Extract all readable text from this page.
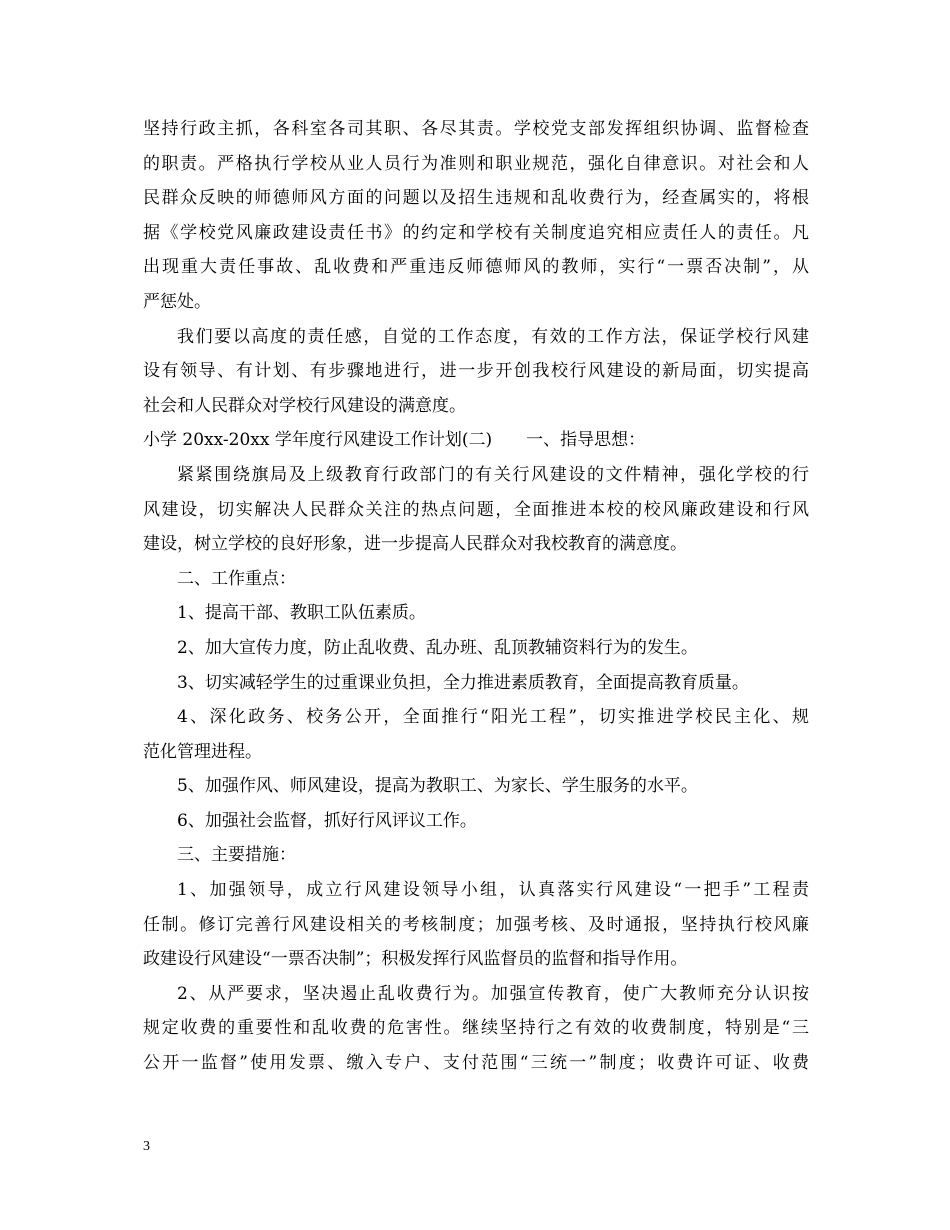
坚持行政主抓，各科室各司其职、各尽其责。学校党支部发挥组织协调、监督检查
的职责。严格执行学校从业人员行为准则和职业规范，强化自律意识。对社会和人
民群众反映的师德师风方面的问题以及招生违规和乱收费行为，经查属实的，将根
据《学校党风廉政建设责任书》的约定和学校有关制度追究相应责任人的责任。凡
出现重大责任事故、乱收费和严重违反师德师风的教师，实行“一票否决制”，从
严惩处。
我们要以高度的责任感，自觉的工作态度，有效的工作方法，保证学校行风建
设有领导、有计划、有步骤地进行，进一步开创我校行风建设的新局面，切实提高
社会和人民群众对学校行风建设的满意度。
小学 20xx-20xx 学年度行风建设工作计划(二) 一、指导思想：
紧紧围绕旗局及上级教育行政部门的有关行风建设的文件精神，强化学校的行
风建设，切实解决人民群众关注的热点问题，全面推进本校的校风廉政建设和行风
建设，树立学校的良好形象，进一步提高人民群众对我校教育的满意度。
二、工作重点：
1、提高干部、教职工队伍素质。
2、加大宣传力度，防止乱收费、乱办班、乱顶教辅资料行为的发生。
3、切实减轻学生的过重课业负担，全力推进素质教育，全面提高教育质量。
4、深化政务、校务公开，全面推行“阳光工程”，切实推进学校民主化、规
范化管理进程。
5、加强作风、师风建设，提高为教职工、为家长、学生服务的水平。
6、加强社会监督，抓好行风评议工作。
三、主要措施：
1、加强领导，成立行风建设领导小组，认真落实行风建设“一把手”工程责
任制。修订完善行风建设相关的考核制度；加强考核、及时通报，坚持执行校风廉
政建设行风建设“一票否决制”；积极发挥行风监督员的监督和指导作用。
2、从严要求，坚决遏止乱收费行为。加强宣传教育，使广大教师充分认识按
规定收费的重要性和乱收费的危害性。继续坚持行之有效的收费制度，特别是“三
公开一监督”使用发票、缴入专户、支付范围“三统一”制度；收费许可证、收费
3
